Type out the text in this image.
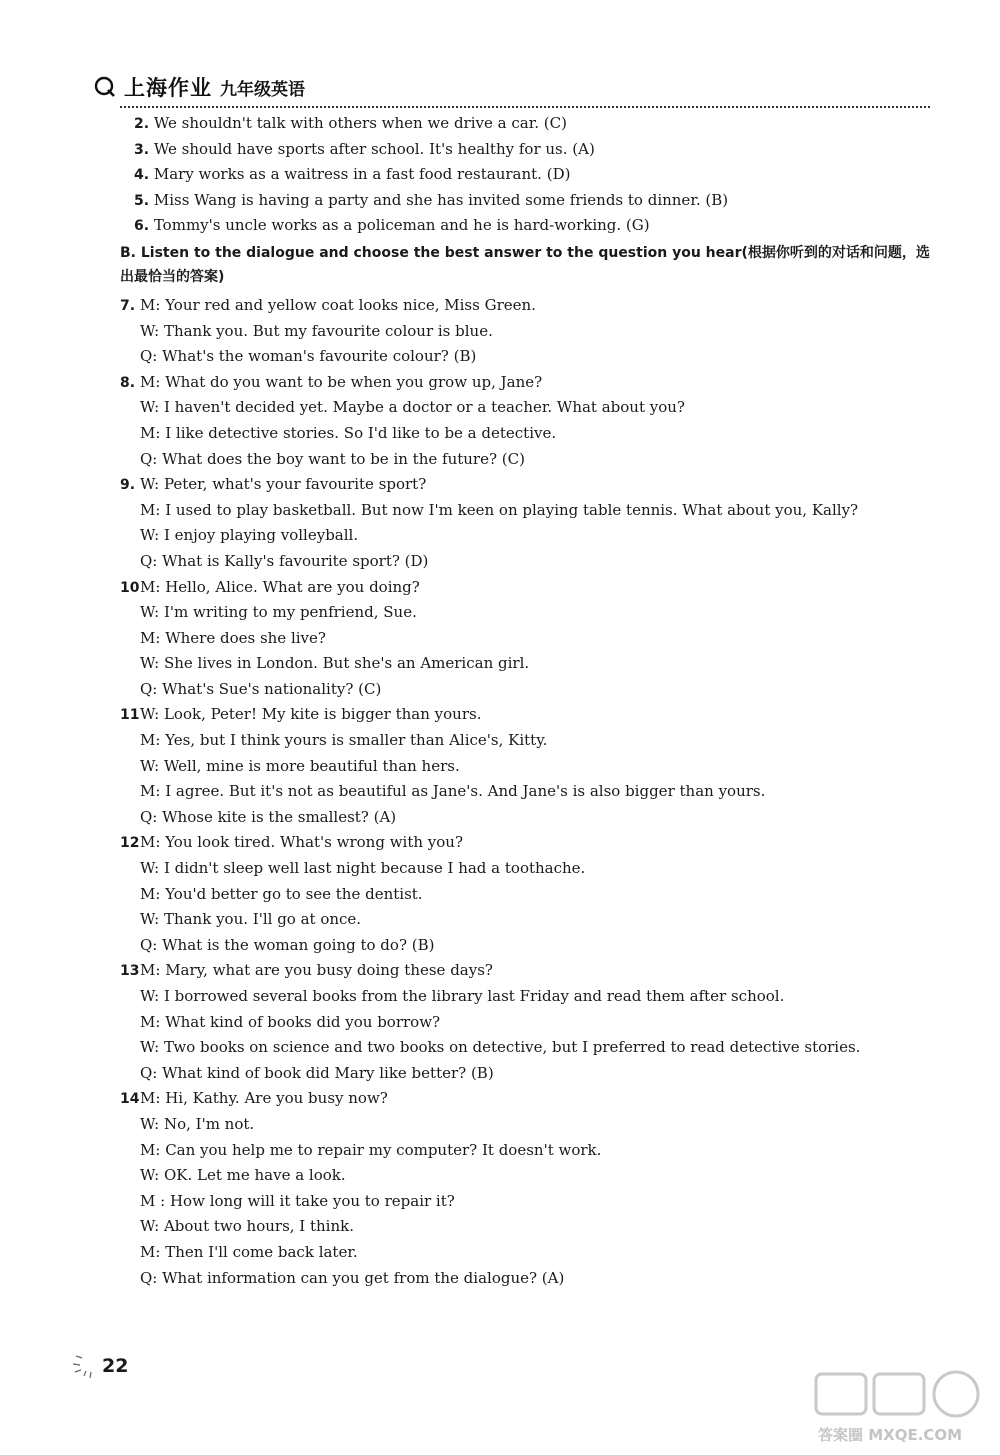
上海作业 九年级英语
2. We shouldn't talk with others when we drive a car. (C)
3. We should have sports after school. It's healthy for us. (A)
4. Mary works as a waitress in a fast food restaurant. (D)
5. Miss Wang is having a party and she has invited some friends to dinner. (B)
6. Tommy's uncle works as a policeman and he is hard-working. (G)
B. Listen to the dialogue and choose the best answer to the question you hear(根据你听到的对话和问题，选出最恰当的答案)
7. M: Your red and yellow coat looks nice, Miss Green.
W: Thank you. But my favourite colour is blue.
Q: What's the woman's favourite colour? (B)
8. M: What do you want to be when you grow up, Jane?
W: I haven't decided yet. Maybe a doctor or a teacher. What about you?
M: I like detective stories. So I'd like to be a detective.
Q: What does the boy want to be in the future? (C)
9. W: Peter, what's your favourite sport?
M: I used to play basketball. But now I'm keen on playing table tennis. What about you, Kally?
W: I enjoy playing volleyball.
Q: What is Kally's favourite sport? (D)
10M: Hello, Alice. What are you doing?
W: I'm writing to my penfriend, Sue.
M: Where does she live?
W: She lives in London. But she's an American girl.
Q: What's Sue's nationality? (C)
11W: Look, Peter! My kite is bigger than yours.
M: Yes, but I think yours is smaller than Alice's, Kitty.
W: Well, mine is more beautiful than hers.
M: I agree. But it's not as beautiful as Jane's. And Jane's is also bigger than yours.
Q: Whose kite is the smallest? (A)
12M: You look tired. What's wrong with you?
W: I didn't sleep well last night because I had a toothache.
M: You'd better go to see the dentist.
W: Thank you. I'll go at once.
Q: What is the woman going to do? (B)
13M: Mary, what are you busy doing these days?
W: I borrowed several books from the library last Friday and read them after school.
M: What kind of books did you borrow?
W: Two books on science and two books on detective, but I preferred to read detective stories.
Q: What kind of book did Mary like better? (B)
14M: Hi, Kathy. Are you busy now?
W: No, I'm not.
M: Can you help me to repair my computer? It doesn't work.
W: OK. Let me have a look.
M : How long will it take you to repair it?
W: About two hours, I think.
M: Then I'll come back later.
Q: What information can you get from the dialogue? (A)
22
答案圈 MXQE.COM
